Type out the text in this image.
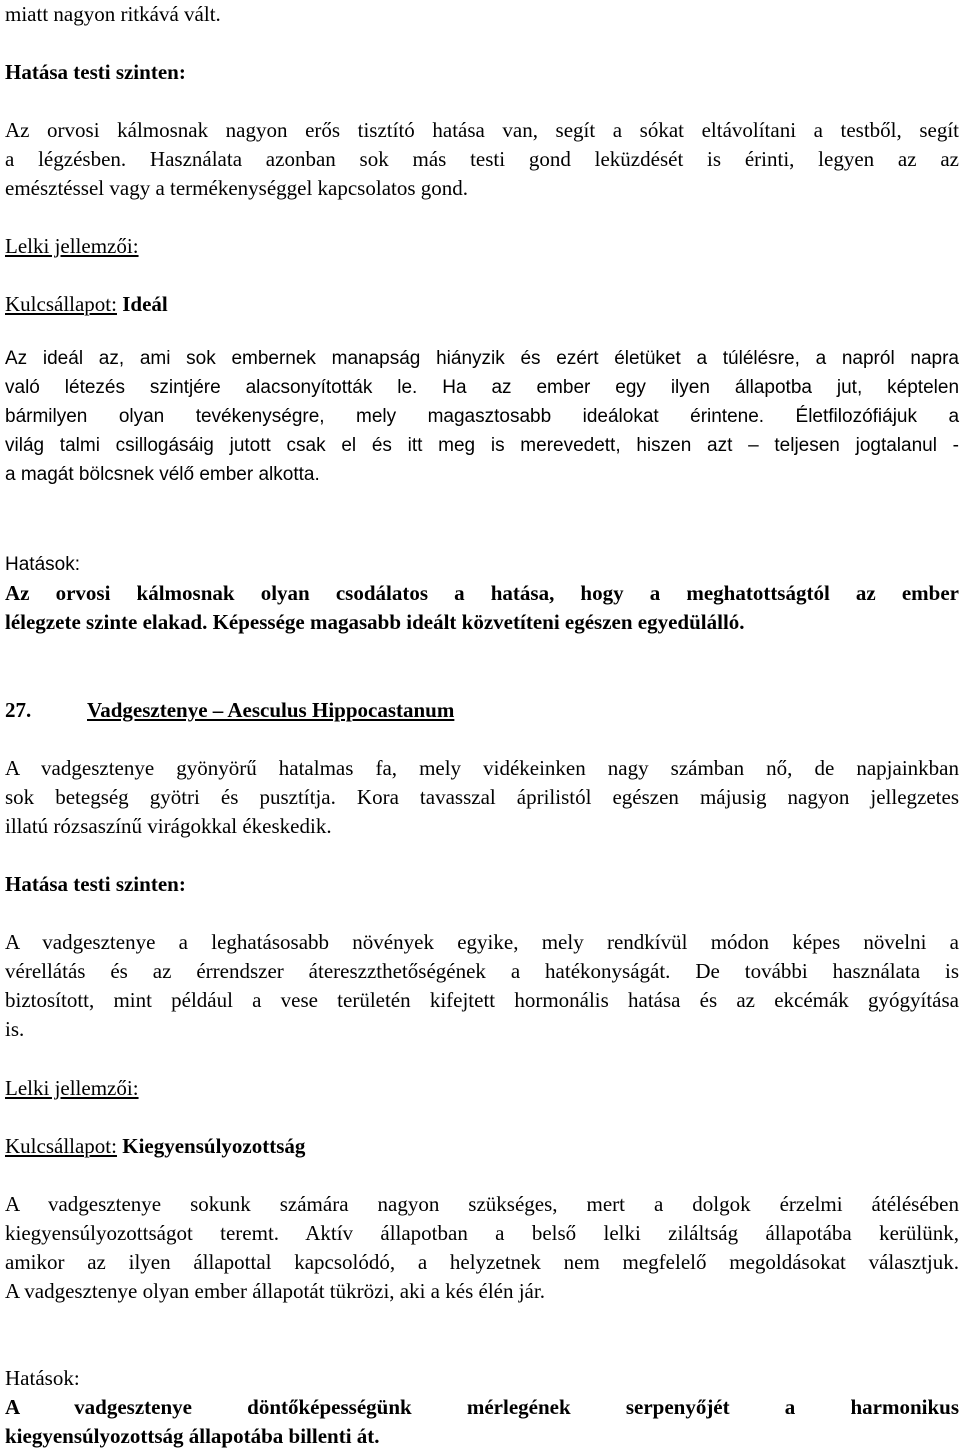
miatt nagyon ritkává vált.
Hatása testi szinten:
Az orvosi kálmosnak nagyon erős tisztító hatása van, segít a sókat eltávolítani a testből, segít
a légzésben. Használata azonban sok más testi gond leküzdését is érinti, legyen az az
emésztéssel vagy a termékenységgel kapcsolatos gond.
Lelki jellemzői:
Kulcsállapot: Ideál
Az ideál az, ami sok embernek manapság hiányzik és ezért életüket a túlélésre, a napról napra
való létezés szintjére alacsonyították le. Ha az ember egy ilyen állapotba jut, képtelen
bármilyen olyan tevékenységre, mely magasztosabb ideálokat érintene. Életfilozófiájuk a
világ talmi csillogásáig jutott csak el és itt meg is merevedett, hiszen azt – teljesen jogtalanul -
a magát bölcsnek vélő ember alkotta.
Hatások:
Az orvosi kálmosnak olyan csodálatos a hatása, hogy a meghatottságtól az ember
lélegzete szinte elakad. Képessége magasabb ideált közvetíteni egészen egyedülálló.
27.	Vadgesztenye – Aesculus Hippocastanum
A vadgesztenye gyönyörű hatalmas fa, mely vidékeinken nagy számban nő, de napjainkban
sok betegség gyötri és pusztítja. Kora tavasszal áprilistól egészen májusig nagyon jellegzetes
illatú rózsaszínű virágokkal ékeskedik.
Hatása testi szinten:
A vadgesztenye a leghatásosabb növények egyike, mely rendkívül módon képes növelni a
vérellátás és az érrendszer átereszzthetőségének a hatékonyságát. De további használata is
biztosított, mint például a vese területén kifejtett hormonális hatása és az ekcémák gyógyítása
is.
Lelki jellemzői:
Kulcsállapot: Kiegyensúlyozottság
A vadgesztenye sokunk számára nagyon szükséges, mert a dolgok érzelmi átélésében
kiegyensúlyozottságot teremt. Aktív állapotban a belső lelki ziláltság állapotába kerülünk,
amikor az ilyen állapottal kapcsolódó, a helyzetnek nem megfelelő megoldásokat választjuk.
A vadgesztenye olyan ember állapotát tükrözi, aki a kés élén jár.
Hatások:
A vadgesztenye döntőképességünk mérlegének serpenyőjét a harmonikus
kiegyensúlyozottság állapotába billenti át.
